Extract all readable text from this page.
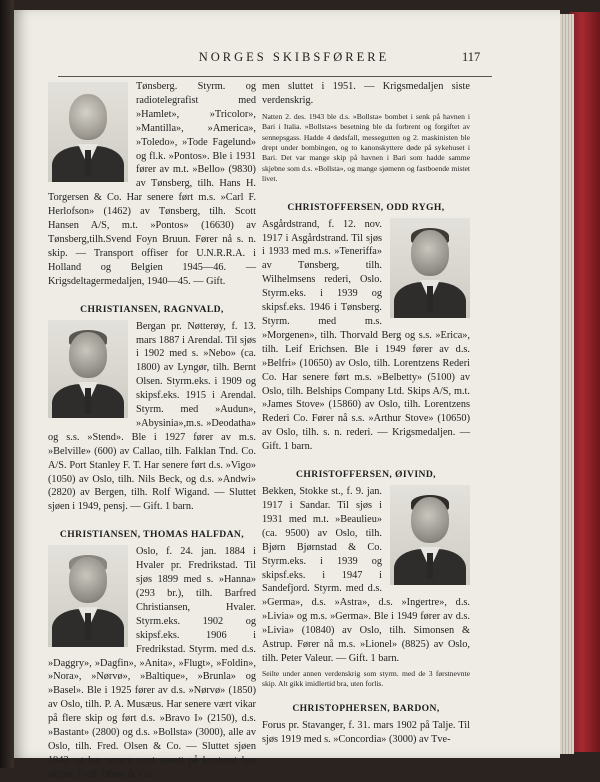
NORGES SKIBSFØRERE	117

Tønsberg. Styrm. og radiotelegrafist med »Hamlet», »Tricolor», »Mantilla», »America», »Toledo», »Tode Fagelund» og fl.k. »Pontos». Ble i 1931 fører av m.t. »Bello» (9830) av Tønsberg, tilh. Hans H. Torgersen & Co. Har senere ført m.s. »Carl F. Herlofson» (1462) av Tønsberg, tilh. Scott Hansen A/S, m.t. »Pontos» (16630) av Tønsberg,tilh.Svend Foyn Bruun. Fører nå s. n. skip. — Transport offiser for U.N.R.R.A. i Holland og Belgien 1945—46. — Krigsdeltagermedaljen, 1940—45. — Gift.

CHRISTIANSEN, RAGNVALD,

Bergan pr. Nøtterøy, f. 13. mars 1887 i Arendal. Til sjøs i 1902 med s. »Nebo» (ca. 1800) av Lyngør, tilh. Bernt Olsen. Styrm.eks. i 1909 og skipsf.eks. 1915 i Arendal. Styrm. med »Audun», »Abysinia»,m.s. »Deodatha» og s.s. »Stend». Ble i 1927 fører av m.s. »Belville» (600) av Callao, tilh. Falklan Tnd. Co. A/S. Port Stanley F. T. Har senere ført d.s. »Vigo» (1050) av Oslo, tilh. Nils Beck, og d.s. »Andwi» (2820) av Bergen, tilh. Rolf Wigand. — Sluttet sjøen i 1949, pensj. — Gift. 1 barn.

CHRISTIANSEN, THOMAS HALFDAN,

Oslo, f. 24. jan. 1884 i Hvaler pr. Fredrikstad. Til sjøs 1899 med s. »Hanna» (293 br.), tilh. Barfred Christiansen, Hvaler. Styrm.eks. 1902 og skipsf.eks. 1906 i Fredrikstad. Styrm. med d.s. »Daggry», »Dagfin», »Anita», »Flugt», »Foldin», »Nora», »Nørvø», »Baltique», »Brunla» og »Basel». Ble i 1925 fører av d.s. »Nørvø» (1850) av Oslo, tilh. P. A. Musæus. Har senere vært vikar på flere skip og ført d.s. »Bravo I» (2150), d.s. »Bastant» (2800) og d.s. »Bollsta» (3000), alle av Oslo, tilh. Fred. Olsen & Co. — Sluttet sjøen 1943 og har senere vært ansatt på kontoret hos skipsr. Fred. Olsen & Co.,

men sluttet i 1951. — Krigsmedaljen siste verdenskrig.

Natten 2. des. 1943 ble d.s. »Bollsta» bombet i senk på havnen i Bari i Italia. »Bollsta»s besetning ble da forbrent og forgiftet av sennepsgass. Hadde 4 dødsfall, messegutten og 2. maskinisten ble drept under bombingen, og to kanonskyttere døde på sykehuset i Bari. Det var mange skip på havnen i Bari som hadde samme skjebne som d.s. »Bollsta», og mange sjømenn og fastboende mistet livet.

CHRISTOFFERSEN, ODD RYGH,

Asgårdstrand, f. 12. nov. 1917 i Asgårdstrand. Til sjøs i 1933 med m.s. »Teneriffa» av Tønsberg, tilh. Wilhelmsens rederi, Oslo. Styrm.eks. i 1939 og skipsf.eks. 1946 i Tønsberg. Styrm. med m.s. »Morgenen», tilh. Thorvald Berg og s.s. »Erica», tilh. Leif Erichsen. Ble i 1949 fører av d.s. »Belfri» (10650) av Oslo, tilh. Lorentzens Rederi Co. Har senere ført m.s. »Belbetty» (5100) av Oslo, tilh. Belships Company Ltd. Skips A/S, m.t. »James Stove» (15860) av Oslo, tilh. Lorentzens Rederi Co. Fører nå s.s. »Arthur Stove» (10650) av Oslo, tilh. s. n. rederi. — Krigsmedaljen. — Gift. 1 barn.

CHRISTOFFERSEN, ØIVIND,

Bekken, Stokke st., f. 9. jan. 1917 i Sandar. Til sjøs i 1931 med m.t. »Beaulieu» (ca. 9500) av Oslo, tilh. Bjørn Bjørnstad & Co. Styrm.eks. i 1939 og skipsf.eks. i 1947 i Sandefjord. Styrm. med d.s. »Germa», d.s. »Astra», d.s. »Ingertre», d.s. »Livia» og m.s. »Germa». Ble i 1949 fører av d.s. »Livia» (10840) av Oslo, tilh. Simonsen & Astrup. Fører nå m.s. »Lionel» (8825) av Oslo, tilh. Peter Valeur. — Gift. 1 barn.

Seilte under annen verdenskrig som styrm. med de 3 førstnevnte skip. Alt gikk imidlertid bra, uten forlis.

CHRISTOPHERSEN, BARDON,

Forus pr. Stavanger, f. 31. mars 1902 på Talje. Til sjøs 1919 med s. »Concordia» (3000) av Tve-
